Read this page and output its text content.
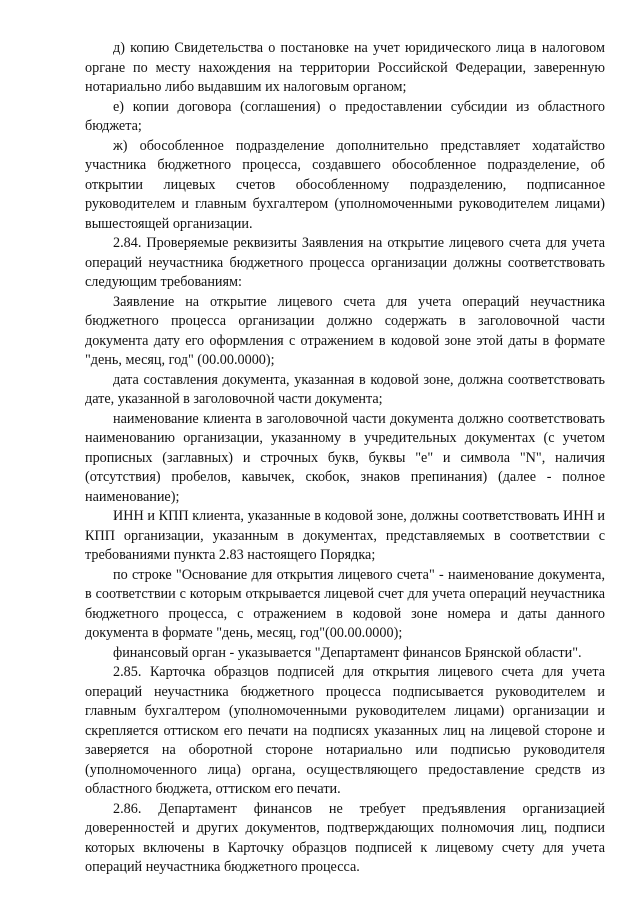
д) копию Свидетельства о постановке на учет юридического лица в налоговом органе по месту нахождения на территории Российской Федерации, заверенную нотариально либо выдавшим их налоговым органом;

е) копии договора (соглашения) о предоставлении субсидии из областного бюджета;

ж) обособленное подразделение дополнительно представляет ходатайство участника бюджетного процесса, создавшего обособленное подразделение, об открытии лицевых счетов обособленному подразделению, подписанное руководителем и главным бухгалтером (уполномоченными руководителем лицами) вышестоящей организации.

2.84. Проверяемые реквизиты Заявления на открытие лицевого счета для учета операций неучастника бюджетного процесса организации должны соответствовать следующим требованиям:

Заявление на открытие лицевого счета для учета операций неучастника бюджетного процесса организации должно содержать в заголовочной части документа дату его оформления с отражением в кодовой зоне этой даты в формате "день, месяц, год" (00.00.0000);

дата составления документа, указанная в кодовой зоне, должна соответствовать дате, указанной в заголовочной части документа;

наименование клиента в заголовочной части документа должно соответствовать наименованию организации, указанному в учредительных документах (с учетом прописных (заглавных) и строчных букв, буквы "е" и символа "N", наличия (отсутствия) пробелов, кавычек, скобок, знаков препинания) (далее - полное наименование);

ИНН и КПП клиента, указанные в кодовой зоне, должны соответствовать ИНН и КПП организации, указанным в документах, представляемых в соответствии с требованиями пункта 2.83 настоящего Порядка;

по строке "Основание для открытия лицевого счета" - наименование документа, в соответствии с которым открывается лицевой счет для учета операций неучастника бюджетного процесса, с отражением в кодовой зоне номера и даты данного документа в формате "день, месяц, год"(00.00.0000);

финансовый орган - указывается "Департамент финансов Брянской области".

2.85. Карточка образцов подписей для открытия лицевого счета для учета операций неучастника бюджетного процесса подписывается руководителем и главным бухгалтером (уполномоченными руководителем лицами) организации и скрепляется оттиском его печати на подписях указанных лиц на лицевой стороне и заверяется на оборотной стороне нотариально или подписью руководителя (уполномоченного лица) органа, осуществляющего предоставление средств из областного бюджета, оттиском его печати.

2.86. Департамент финансов не требует предъявления организацией доверенностей и других документов, подтверждающих полномочия лиц, подписи которых включены в Карточку образцов подписей к лицевому счету для учета операций неучастника бюджетного процесса.
